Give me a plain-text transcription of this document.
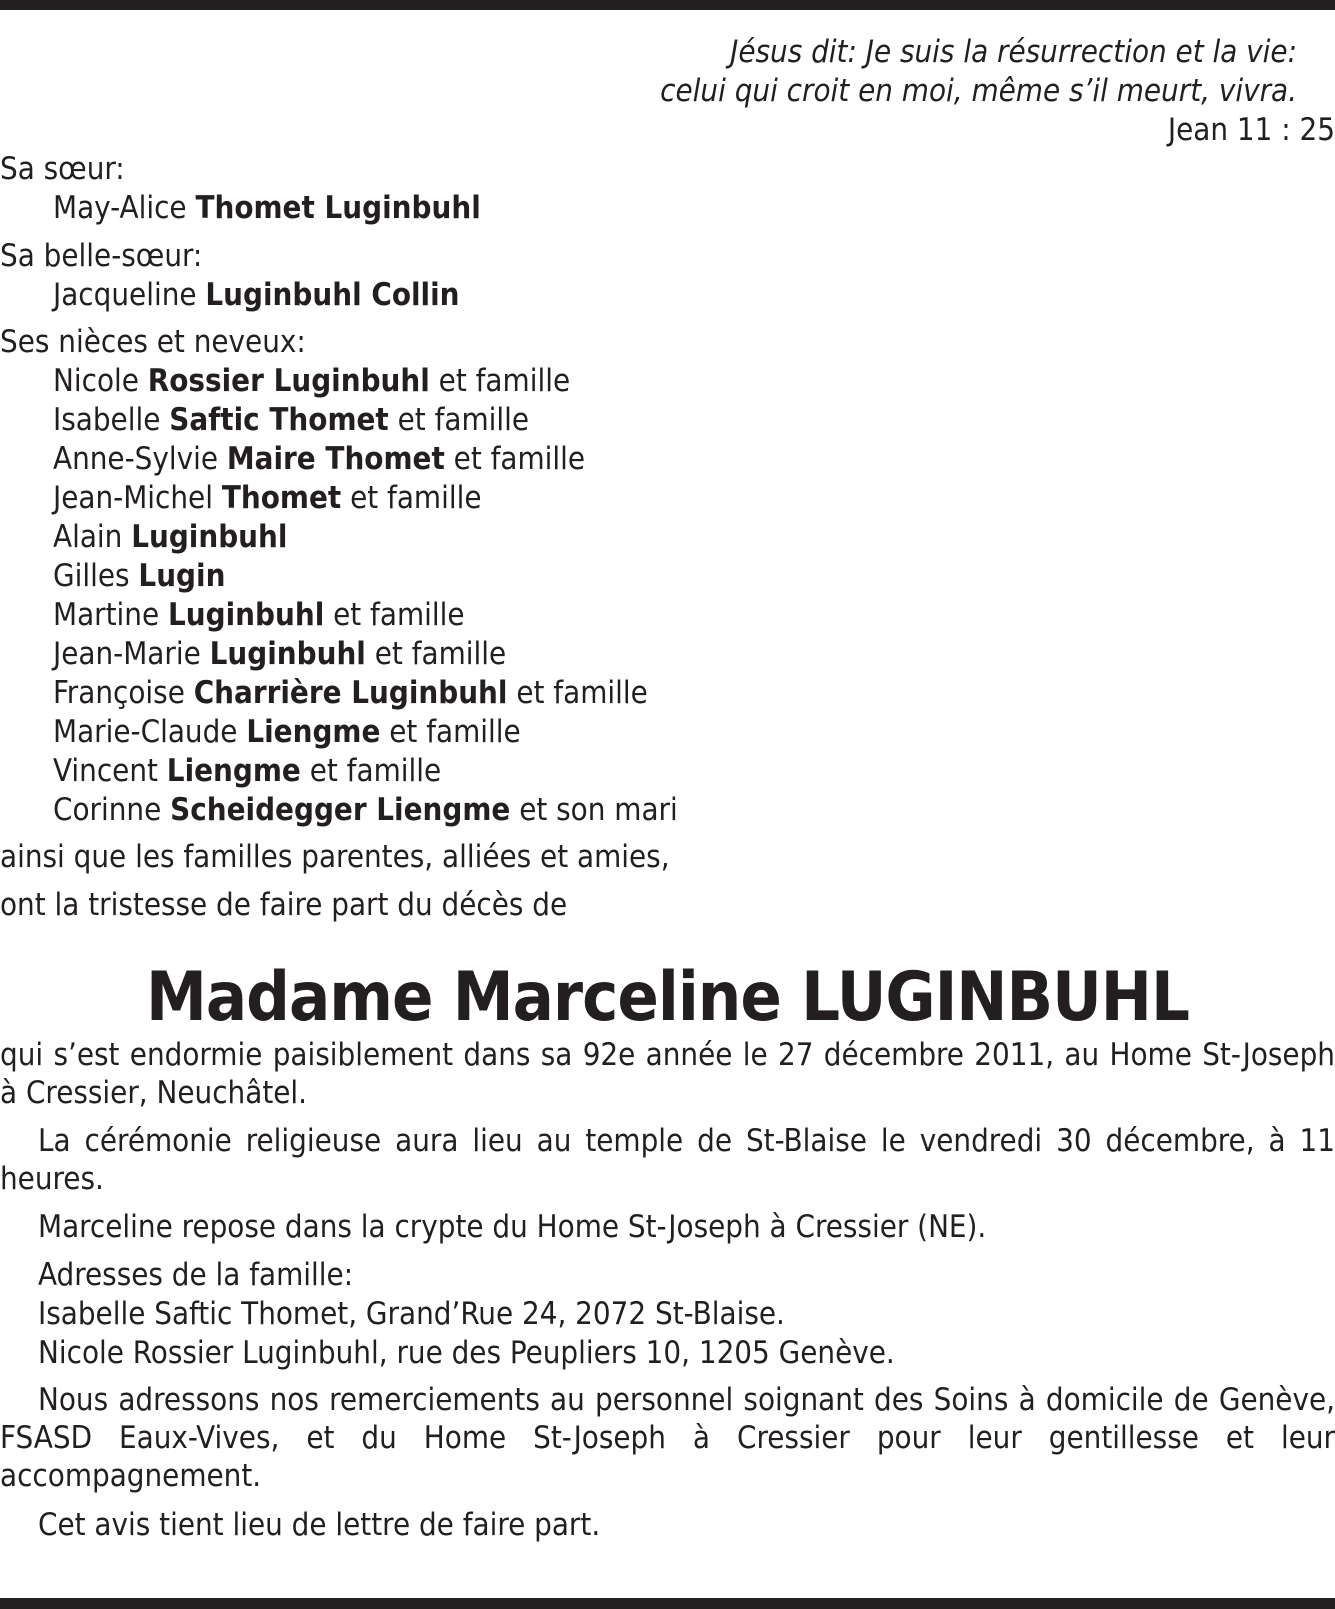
Jésus dit: Je suis la résurrection et la vie:
celui qui croit en moi, même s’il meurt, vivra.
Jean 11 : 25
Sa sœur:
May-Alice Thomet Luginbuhl
Sa belle-sœur:
Jacqueline Luginbuhl Collin
Ses nièces et neveux:
Nicole Rossier Luginbuhl et famille
Isabelle Saftic Thomet et famille
Anne-Sylvie Maire Thomet et famille
Jean-Michel Thomet et famille
Alain Luginbuhl
Gilles Lugin
Martine Luginbuhl et famille
Jean-Marie Luginbuhl et famille
Françoise Charrière Luginbuhl et famille
Marie-Claude Liengme et famille
Vincent Liengme et famille
Corinne Scheidegger Liengme et son mari
ainsi que les familles parentes, alliées et amies,
ont la tristesse de faire part du décès de
Madame Marceline LUGINBUHL
qui s’est endormie paisiblement dans sa 92e année le 27 décembre 2011, au Home St-Joseph à Cressier, Neuchâtel.
La cérémonie religieuse aura lieu au temple de St-Blaise le vendredi 30 décembre, à 11 heures.
Marceline repose dans la crypte du Home St-Joseph à Cressier (NE).
Adresses de la famille:
Isabelle Saftic Thomet, Grand’Rue 24, 2072 St-Blaise.
Nicole Rossier Luginbuhl, rue des Peupliers 10, 1205 Genève.
Nous adressons nos remerciements au personnel soignant des Soins à domicile de Genève, FSASD Eaux-Vives, et du Home St-Joseph à Cressier pour leur gentillesse et leur accompagnement.
Cet avis tient lieu de lettre de faire part.
